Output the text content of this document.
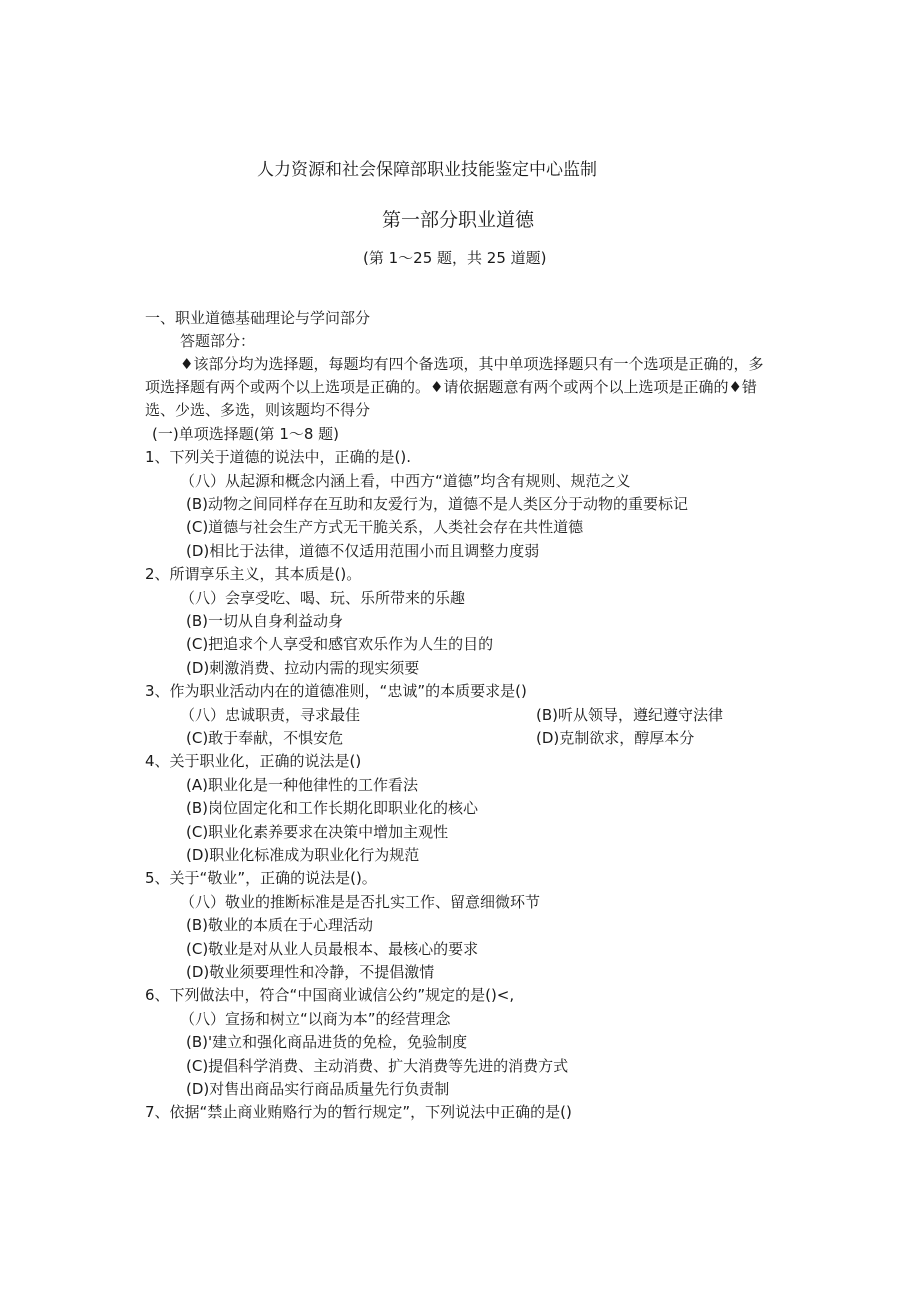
人力资源和社会保障部职业技能鉴定中心监制
第一部分职业道德
(第 1〜25 题，共 25 道题)
一、职业道德基础理论与学问部分
答题部分：
♦该部分均为选择题，每题均有四个备选项，其中单项选择题只有一个选项是正确的，多
项选择题有两个或两个以上选项是正确的。♦请依据题意有两个或两个以上选项是正确的♦错
选、少选、多选，则该题均不得分
(一)单项选择题(第 1〜8 题)
1、下列关于道德的说法中，正确的是().
（八）从起源和概念内涵上看，中西方“道德”均含有规则、规范之义
(B)动物之间同样存在互助和友爱行为，道德不是人类区分于动物的重要标记
(C)道德与社会生产方式无干脆关系，人类社会存在共性道德
(D)相比于法律，道德不仅适用范围小而且调整力度弱
2、所谓享乐主义，其本质是()。
（八）会享受吃、喝、玩、乐所带来的乐趣
(B)一切从自身利益动身
(C)把追求个人享受和感官欢乐作为人生的目的
(D)刺激消费、拉动内需的现实须要
3、作为职业活动内在的道德准则，“忠诚”的本质要求是()
（八）忠诚职责，寻求最佳	(B)听从领导，遵纪遵守法律
(C)敢于奉献，不惧安危	(D)克制欲求，醇厚本分
4、关于职业化，正确的说法是()
(A)职业化是一种他律性的工作看法
(B)岗位固定化和工作长期化即职业化的核心
(C)职业化素养要求在决策中增加主观性
(D)职业化标准成为职业化行为规范
5、关于“敬业”，正确的说法是()。
（八）敬业的推断标准是是否扎实工作、留意细微环节
(B)敬业的本质在于心理活动
(C)敬业是对从业人员最根本、最核心的要求
(D)敬业须要理性和冷静，不提倡激情
6、下列做法中，符合“中国商业诚信公约”规定的是()<,
（八）宣扬和树立“以商为本”的经营理念
(B)'建立和强化商品进货的免检，免验制度
(C)提倡科学消费、主动消费、扩大消费等先进的消费方式
(D)对售出商品实行商品质量先行负责制
7、依据“禁止商业贿赂行为的暂行规定”，下列说法中正确的是()
